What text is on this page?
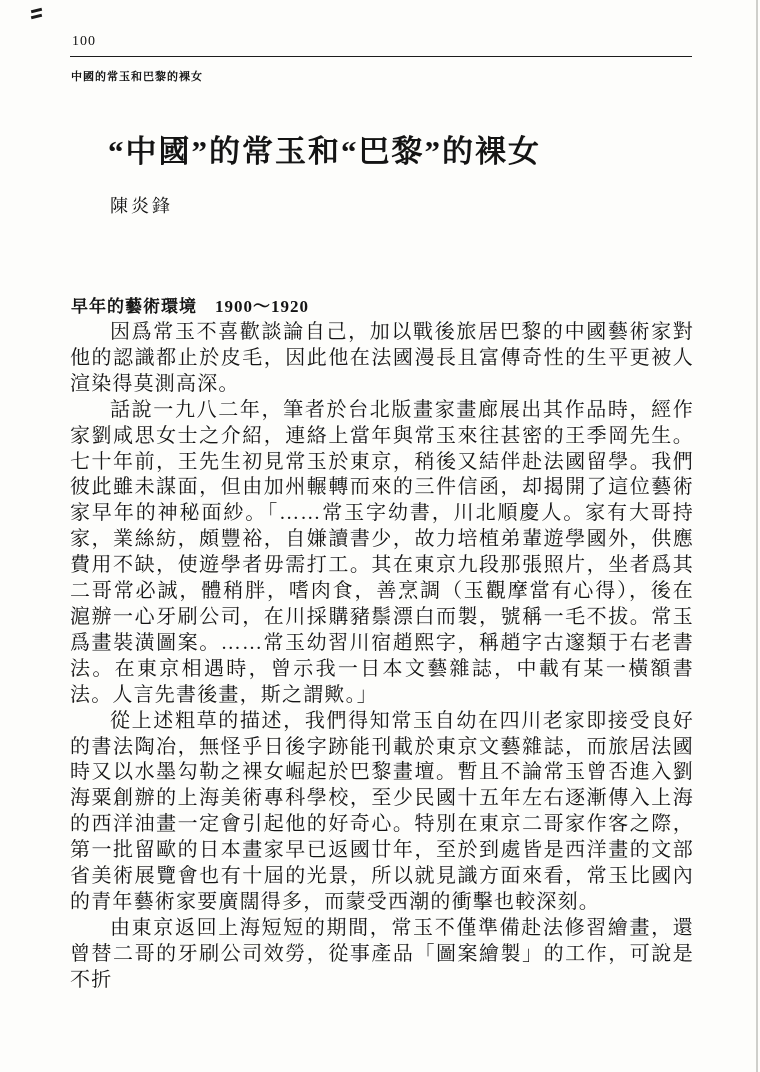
100
中國的常玉和巴黎的裸女
“中國”的常玉和“巴黎”的裸女
陳炎鋒
早年的藝術環境　1900～1920

因爲常玉不喜歡談論自己，加以戰後旅居巴黎的中國藝術家對他的認識都止於皮毛，因此他在法國漫長且富傳奇性的生平更被人渲染得莫測高深。

話說一九八二年，筆者於台北版畫家畫廊展出其作品時，經作家劉咸思女士之介紹，連絡上當年與常玉來往甚密的王季岡先生。七十年前，王先生初見常玉於東京，稍後又結伴赴法國留學。我們彼此雖未謀面，但由加州輾轉而來的三件信函，却揭開了這位藝術家早年的神秘面紗。「……常玉字幼書，川北順慶人。家有大哥持家，業絲紡，頗豐裕，自嫌讀書少，故力培植弟輩遊學國外，供應費用不缺，使遊學者毋需打工。其在東京九段那張照片，坐者爲其二哥常必誠，體稍胖，嗜肉食，善烹調（玉觀摩當有心得），後在滬辦一心牙刷公司，在川採購豬鬃漂白而製，號稱一毛不拔。常玉爲畫裝潢圖案。……常玉幼習川宿趙熙字，稱趙字古邃類于右老書法。在東京相遇時，曾示我一日本文藝雜誌，中載有某一橫額書法。人言先書後畫，斯之謂歟。」

從上述粗草的描述，我們得知常玉自幼在四川老家即接受良好的書法陶冶，無怪乎日後字跡能刊載於東京文藝雜誌，而旅居法國時又以水墨勾勒之裸女崛起於巴黎畫壇。暫且不論常玉曾否進入劉海粟創辦的上海美術專科學校，至少民國十五年左右逐漸傳入上海的西洋油畫一定會引起他的好奇心。特別在東京二哥家作客之際，第一批留歐的日本畫家早已返國廿年，至於到處皆是西洋畫的文部省美術展覽會也有十屆的光景，所以就見識方面來看，常玉比國內的青年藝術家要廣闊得多，而蒙受西潮的衝擊也較深刻。

由東京返回上海短短的期間，常玉不僅準備赴法修習繪畫，還曾替二哥的牙刷公司效勞，從事產品「圖案繪製」的工作，可說是不折
